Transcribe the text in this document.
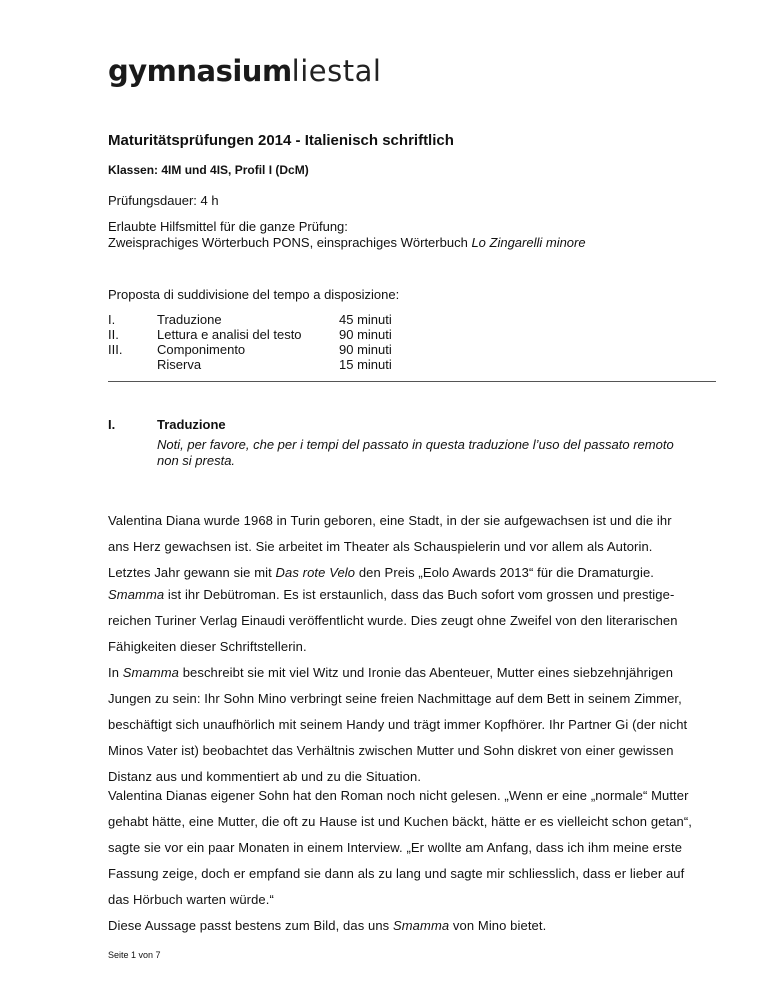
gymnasiumliestal
Maturitätsprüfungen 2014 - Italienisch schriftlich
Klassen: 4IM und 4IS, Profil I (DcM)
Prüfungsdauer: 4 h
Erlaubte Hilfsmittel für die ganze Prüfung:
Zweisprachiges Wörterbuch PONS, einsprachiges Wörterbuch Lo Zingarelli minore
Proposta di suddivisione del tempo a disposizione:
I.	Traduzione	45 minuti
II.	Lettura e analisi del testo	90 minuti
III.	Componimento	90 minuti
Riserva	15 minuti
I.	Traduzione
Noti, per favore, che per i tempi del passato in questa traduzione l’uso del passato remoto
non si presta.
Valentina Diana wurde 1968 in Turin geboren, eine Stadt, in der sie aufgewachsen ist und die ihr
ans Herz gewachsen ist. Sie arbeitet im Theater als Schauspielerin und vor allem als Autorin.
Letztes Jahr gewann sie mit Das rote Velo den Preis „Eolo Awards 2013“ für die Dramaturgie.
Smamma ist ihr Debütroman. Es ist erstaunlich, dass das Buch sofort vom grossen und prestige-
reichen Turiner Verlag Einaudi veröffentlicht wurde. Dies zeugt ohne Zweifel von den literarischen
Fähigkeiten dieser Schriftstellerin.
In Smamma beschreibt sie mit viel Witz und Ironie das Abenteuer, Mutter eines siebzehnjährigen
Jungen zu sein: Ihr Sohn Mino verbringt seine freien Nachmittage auf dem Bett in seinem Zimmer,
beschäftigt sich unaufhörlich mit seinem Handy und trägt immer Kopfhörer. Ihr Partner Gi (der nicht
Minos Vater ist) beobachtet das Verhältnis zwischen Mutter und Sohn diskret von einer gewissen
Distanz aus und kommentiert ab und zu die Situation.
Valentina Dianas eigener Sohn hat den Roman noch nicht gelesen. „Wenn er eine „normale“ Mutter
gehabt hätte, eine Mutter, die oft zu Hause ist und Kuchen bäckt, hätte er es vielleicht schon getan“,
sagte sie vor ein paar Monaten in einem Interview. „Er wollte am Anfang, dass ich ihm meine erste
Fassung zeige, doch er empfand sie dann als zu lang und sagte mir schliesslich, dass er lieber auf
das Hörbuch warten würde.“
Diese Aussage passt bestens zum Bild, das uns Smamma von Mino bietet.
Seite 1 von 7
